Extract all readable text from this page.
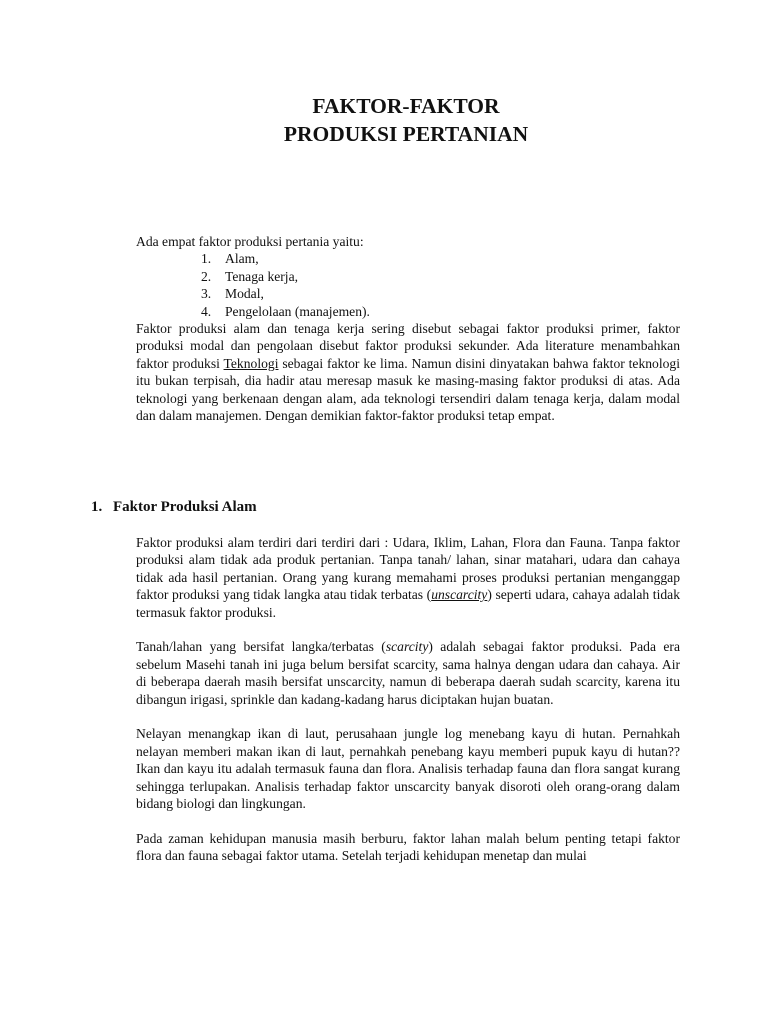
FAKTOR-FAKTOR
PRODUKSI PERTANIAN

Ada empat faktor produksi pertania yaitu:

1. Alam,
2. Tenaga kerja,
3. Modal,
4. Pengelolaan (manajemen).

Faktor produksi alam dan tenaga kerja sering disebut sebagai faktor produksi primer, faktor produksi modal dan pengolaan disebut faktor produksi sekunder. Ada literature menambahkan faktor produksi Teknologi sebagai faktor ke lima. Namun disini dinyatakan bahwa faktor teknologi itu bukan terpisah, dia hadir atau meresap masuk ke masing-masing faktor produksi di atas. Ada teknologi yang berkenaan dengan alam, ada teknologi tersendiri dalam tenaga kerja, dalam modal dan dalam manajemen. Dengan demikian faktor-faktor produksi tetap empat.

1. Faktor Produksi Alam

Faktor produksi alam terdiri dari terdiri dari : Udara, Iklim, Lahan, Flora dan Fauna. Tanpa faktor produksi alam tidak ada produk pertanian. Tanpa tanah/ lahan, sinar matahari, udara dan cahaya tidak ada hasil pertanian. Orang yang kurang memahami proses produksi pertanian menganggap faktor produksi yang tidak langka atau tidak terbatas (unscarcity) seperti udara, cahaya adalah tidak termasuk faktor produksi.

Tanah/lahan yang bersifat langka/terbatas (scarcity) adalah sebagai faktor produksi. Pada era sebelum Masehi tanah ini juga belum bersifat scarcity, sama halnya dengan udara dan cahaya. Air di beberapa daerah masih bersifat unscarcity, namun di beberapa daerah sudah scarcity, karena itu dibangun irigasi, sprinkle dan kadang-kadang harus diciptakan hujan buatan.

Nelayan menangkap ikan di laut, perusahaan jungle log menebang kayu di hutan. Pernahkah nelayan memberi makan ikan di laut, pernahkah penebang kayu memberi pupuk kayu di hutan?? Ikan dan kayu itu adalah termasuk fauna dan flora. Analisis terhadap fauna dan flora sangat kurang sehingga terlupakan. Analisis terhadap faktor unscarcity banyak disoroti oleh orang-orang dalam bidang biologi dan lingkungan.

Pada zaman kehidupan manusia masih berburu, faktor lahan malah belum penting tetapi faktor flora dan fauna sebagai faktor utama. Setelah terjadi kehidupan menetap dan mulai
